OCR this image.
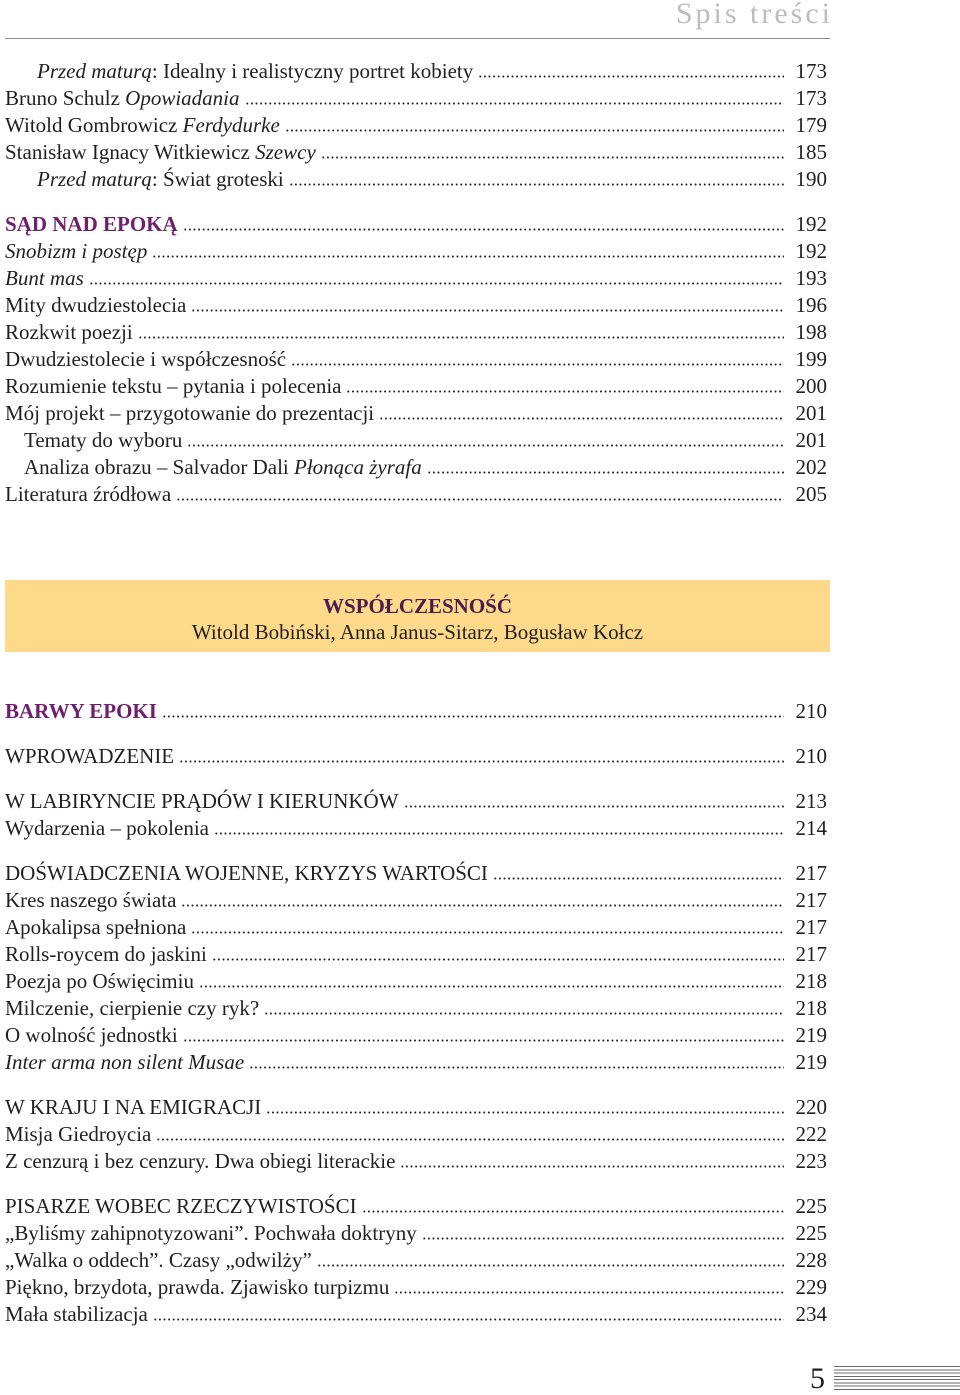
Spis treści
Przed maturą: Idealny i realistyczny portret kobiety	173
Bruno Schulz Opowiadania	173
Witold Gombrowicz Ferdydurke	179
Stanisław Ignacy Witkiewicz Szewcy	185
Przed maturą: Świat groteski	190
SĄD NAD EPOKĄ	192
Snobizm i postęp	192
Bunt mas	193
Mity dwudziestolecia	196
Rozkwit poezji	198
Dwudziestolecie i współczesność	199
Rozumienie tekstu – pytania i polecenia	200
Mój projekt – przygotowanie do prezentacji	201
Tematy do wyboru	201
Analiza obrazu – Salvador Dali Płonąca żyrafa	202
Literatura źródłowa	205
WSPÓŁCZESNOŚĆ
Witold Bobiński, Anna Janus-Sitarz, Bogusław Kołcz
BARWY EPOKI	210
WPROWADZENIE	210
W LABIRYNCIE PRĄDÓW I KIERUNKÓW	213
Wydarzenia – pokolenia	214
DOŚWIADCZENIA WOJENNE, KRYZYS WARTOŚCI	217
Kres naszego świata	217
Apokalipsa spełniona	217
Rolls-roycem do jaskini	217
Poezja po Oświęcimiu	218
Milczenie, cierpienie czy ryk?	218
O wolność jednostki	219
Inter arma non silent Musae	219
W KRAJU I NA EMIGRACJI	220
Misja Giedroycia	222
Z cenzurą i bez cenzury. Dwa obiegi literackie	223
PISARZE WOBEC RZECZYWISTOŚCI	225
„Byliśmy zahipnotyzowani”. Pochwała doktryny	225
„Walka o oddech”. Czasy „odwilży”	228
Piękno, brzydota, prawda. Zjawisko turpizmu	229
Mała stabilizacja	234
5
